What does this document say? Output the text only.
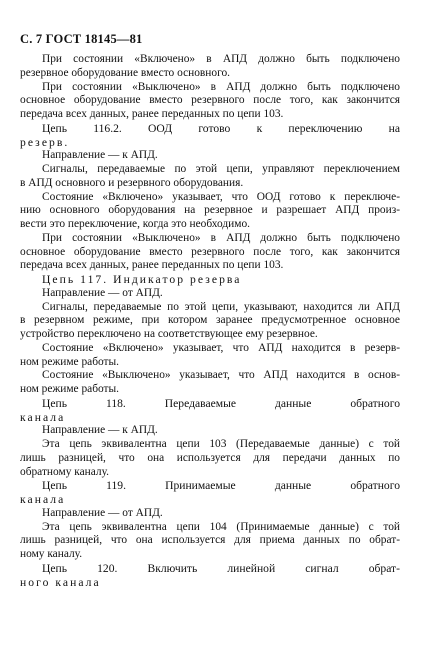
С. 7 ГОСТ 18145—81
При состоянии «Включено» в АПД должно быть подключено
резервное оборудование вместо основного.
При состоянии «Выключено» в АПД должно быть подключено
основное оборудование вместо резервного после того, как закончится
передача всех данных, ранее переданных по цепи 103.
Цепь 116.2. ООД готово к переключению на
резерв.
Направление — к АПД.
Сигналы, передаваемые по этой цепи, управляют переключением
в АПД основного и резервного оборудования.
Состояние «Включено» указывает, что ООД готово к переключе-
нию основного оборудования на резервное и разрешает АПД произ-
вести это переключение, когда это необходимо.
При состоянии «Выключено» в АПД должно быть подключено
основное оборудование вместо резервного после того, как закончится
передача всех данных, ранее переданных по цепи 103.
Цепь 117. Индикатор резерва
Направление — от АПД.
Сигналы, передаваемые по этой цепи, указывают, находится ли АПД
в резервном режиме, при котором заранее предусмотренное основное
устройство переключено на соответствующее ему резервное.
Состояние «Включено» указывает, что АПД находится в резерв-
ном режиме работы.
Состояние «Выключено» указывает, что АПД находится в основ-
ном режиме работы.
Цепь 118. Передаваемые данные обратного
канала
Направление — к АПД.
Эта цепь эквивалентна цепи 103 (Передаваемые данные) с той
лишь разницей, что она используется для передачи данных по
обратному каналу.
Цепь 119. Принимаемые данные обратного
канала
Направление — от АПД.
Эта цепь эквивалентна цепи 104 (Принимаемые данные) с той
лишь разницей, что она используется для приема данных по обрат-
ному каналу.
Цепь 120. Включить линейной сигнал обрат-
ного канала
